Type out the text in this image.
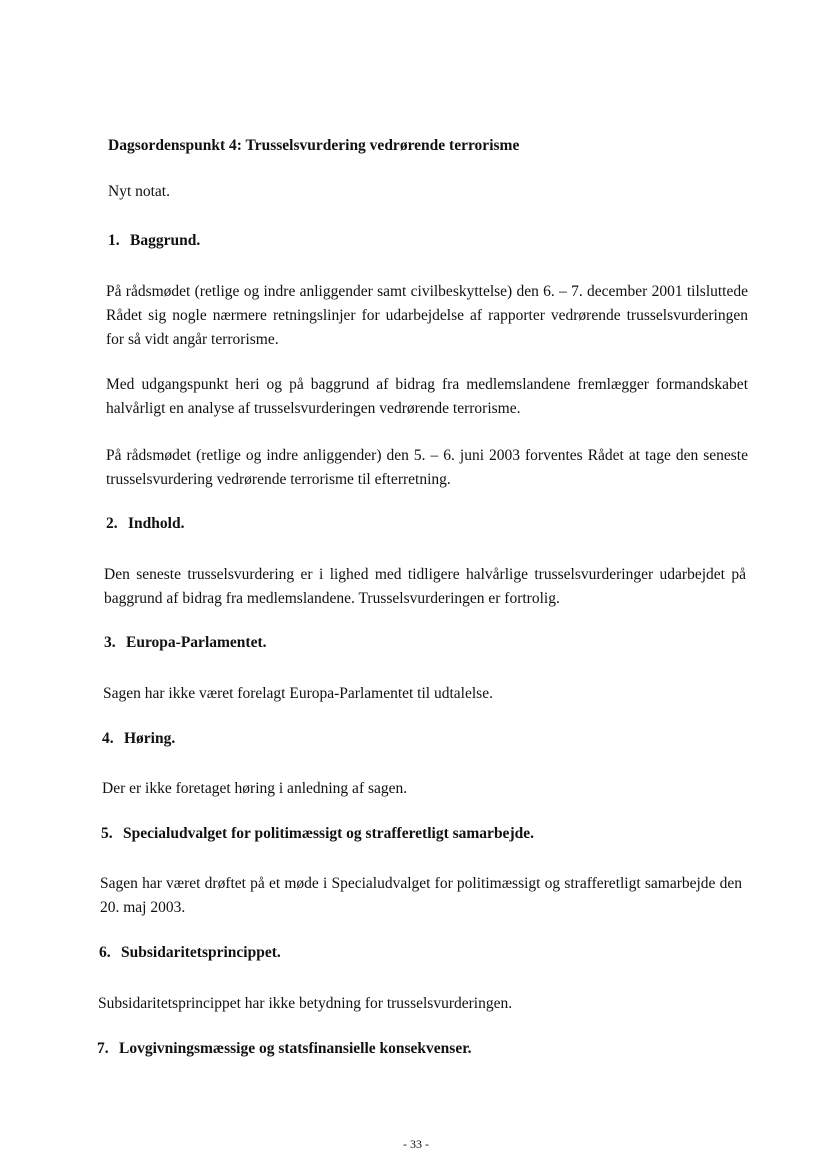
Dagsordenspunkt 4: Trusselsvurdering vedrørende terrorisme
Nyt notat.
1. Baggrund.
På rådsmødet (retlige og indre anliggender samt civilbeskyttelse) den 6. – 7. december 2001 tilsluttede Rådet sig nogle nærmere retningslinjer for udarbejdelse af rapporter vedrørende trusselsvurderingen for så vidt angår terrorisme.
Med udgangspunkt heri og på baggrund af bidrag fra medlemslandene fremlægger formandskabet halvårligt en analyse af trusselsvurderingen vedrørende terrorisme.
På rådsmødet (retlige og indre anliggender) den 5. – 6. juni 2003 forventes Rådet at tage den seneste trusselsvurdering vedrørende terrorisme til efterretning.
2. Indhold.
Den seneste trusselsvurdering er i lighed med tidligere halvårlige trusselsvurderinger udarbejdet på baggrund af bidrag fra medlemslandene. Trusselsvurderingen er fortrolig.
3. Europa-Parlamentet.
Sagen har ikke været forelagt Europa-Parlamentet til udtalelse.
4. Høring.
Der er ikke foretaget høring i anledning af sagen.
5. Specialudvalget for politimæssigt og strafferetligt samarbejde.
Sagen har været drøftet på et møde i Specialudvalget for politimæssigt og strafferetligt samarbejde den 20. maj 2003.
6. Subsidaritetsprincippet.
Subsidaritetsprincippet har ikke betydning for trusselsvurderingen.
7. Lovgivningsmæssige og statsfinansielle konsekvenser.
- 33 -
